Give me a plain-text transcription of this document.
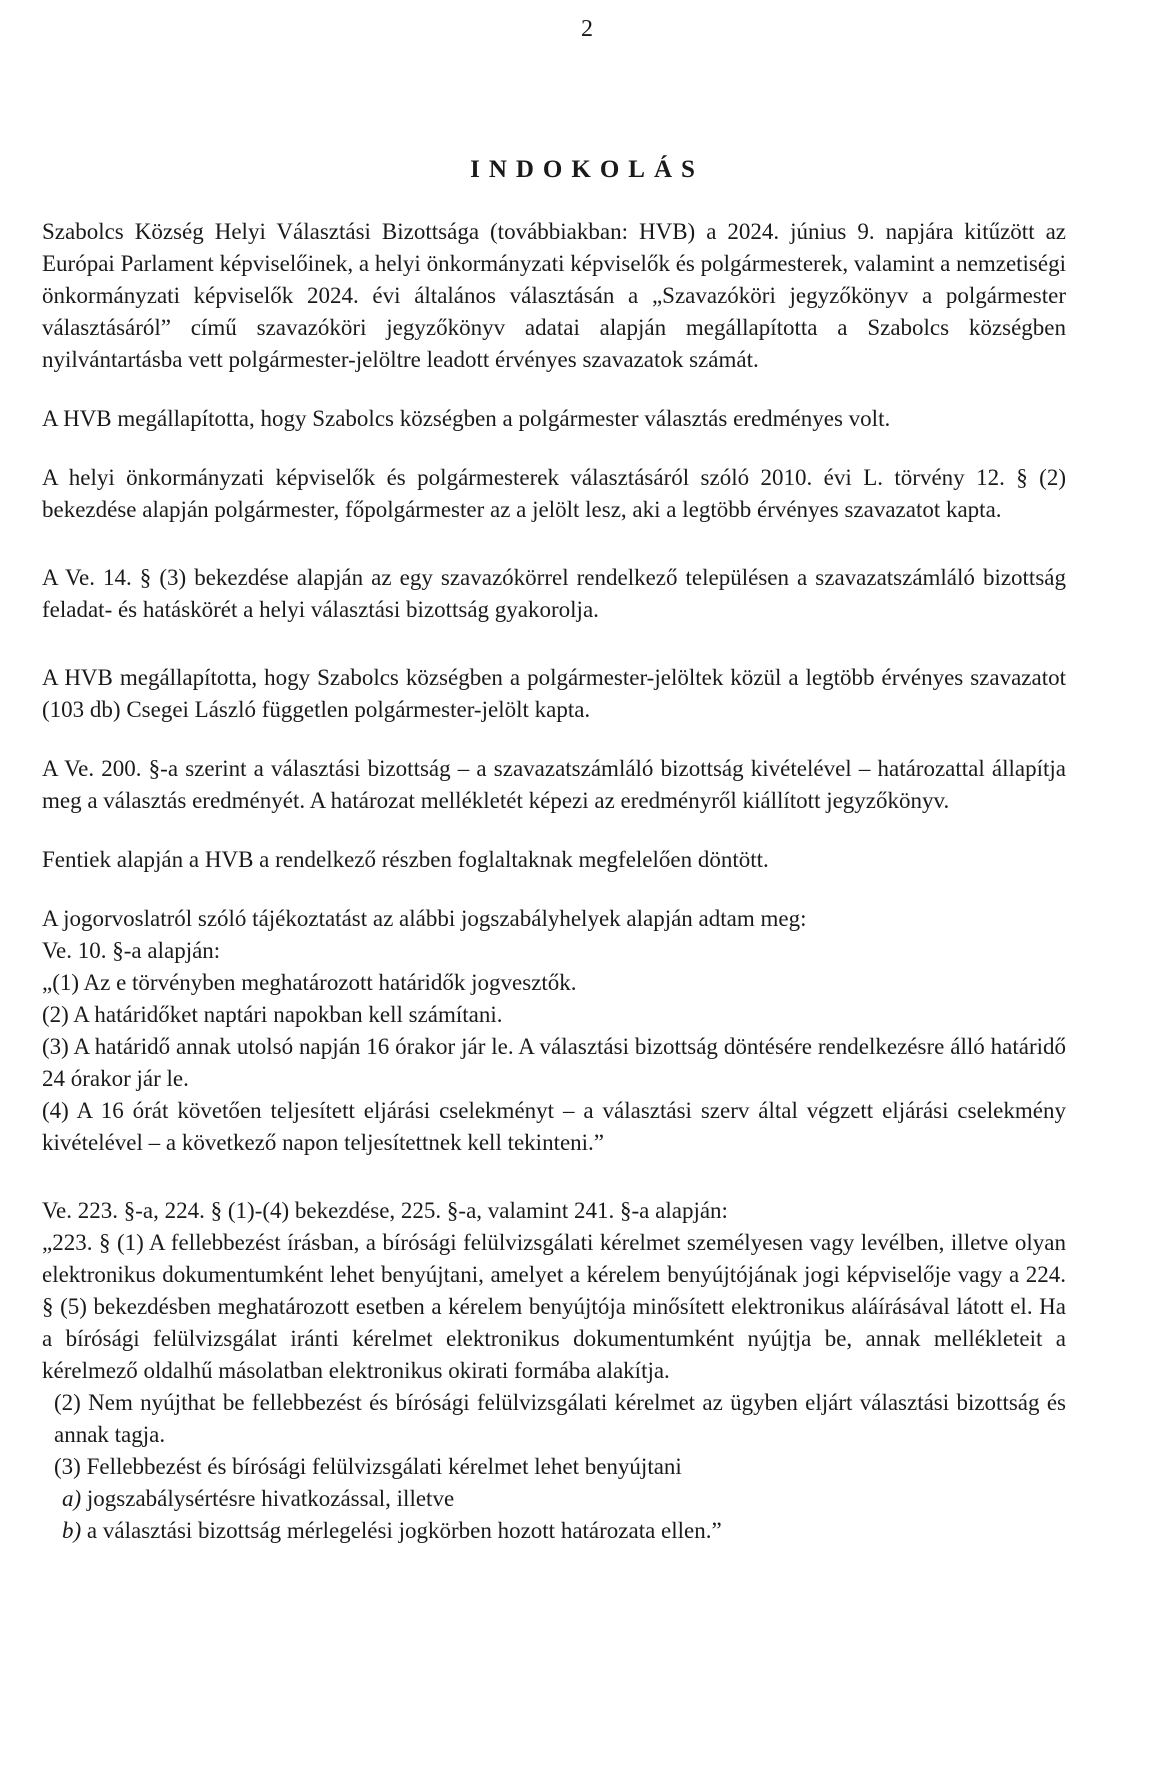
2
INDOKOLÁS

Szabolcs Község Helyi Választási Bizottsága (továbbiakban: HVB) a 2024. június 9. napjára kitűzött az Európai Parlament képviselőinek, a helyi önkormányzati képviselők és polgármesterek, valamint a nemzetiségi önkormányzati képviselők 2024. évi általános választásán a „Szavazóköri jegyzőkönyv a polgármester választásáról” című szavazóköri jegyzőkönyv adatai alapján megállapította a Szabolcs községben nyilvántartásba vett polgármester-jelöltre leadott érvényes szavazatok számát.

A HVB megállapította, hogy Szabolcs községben a polgármester választás eredményes volt.

A helyi önkormányzati képviselők és polgármesterek választásáról szóló 2010. évi L. törvény 12. § (2) bekezdése alapján polgármester, főpolgármester az a jelölt lesz, aki a legtöbb érvényes szavazatot kapta.

A Ve. 14. § (3) bekezdése alapján az egy szavazókörrel rendelkező településen a szavazatszámláló bizottság feladat- és hatáskörét a helyi választási bizottság gyakorolja.

A HVB megállapította, hogy Szabolcs községben a polgármester-jelöltek közül a legtöbb érvényes szavazatot (103 db) Csegei László független polgármester-jelölt kapta.

A Ve. 200. §-a szerint a választási bizottság – a szavazatszámláló bizottság kivételével – határozattal állapítja meg a választás eredményét. A határozat mellékletét képezi az eredményről kiállított jegyzőkönyv.

Fentiek alapján a HVB a rendelkező részben foglaltaknak megfelelően döntött.

A jogorvoslatról szóló tájékoztatást az alábbi jogszabályhelyek alapján adtam meg:

Ve. 10. §-a alapján:

„(1) Az e törvényben meghatározott határidők jogvesztők.

(2) A határidőket naptári napokban kell számítani.

(3) A határidő annak utolsó napján 16 órakor jár le. A választási bizottság döntésére rendelkezésre álló határidő 24 órakor jár le.

(4) A 16 órát követően teljesített eljárási cselekményt – a választási szerv által végzett eljárási cselekmény kivételével – a következő napon teljesítettnek kell tekinteni.”

Ve. 223. §-a, 224. § (1)-(4) bekezdése, 225. §-a, valamint 241. §-a alapján:

„223. § (1) A fellebbezést írásban, a bírósági felülvizsgálati kérelmet személyesen vagy levélben, illetve olyan elektronikus dokumentumként lehet benyújtani, amelyet a kérelem benyújtójának jogi képviselője vagy a 224. § (5) bekezdésben meghatározott esetben a kérelem benyújtója minősített elektronikus aláírásával látott el. Ha a bírósági felülvizsgálat iránti kérelmet elektronikus dokumentumként nyújtja be, annak mellékleteit a kérelmező oldalhű másolatban elektronikus okirati formába alakítja.

(2) Nem nyújthat be fellebbezést és bírósági felülvizsgálati kérelmet az ügyben eljárt választási bizottság és annak tagja.

(3) Fellebbezést és bírósági felülvizsgálati kérelmet lehet benyújtani

a) jogszabálysértésre hivatkozással, illetve

b) a választási bizottság mérlegelési jogkörben hozott határozata ellen.”
